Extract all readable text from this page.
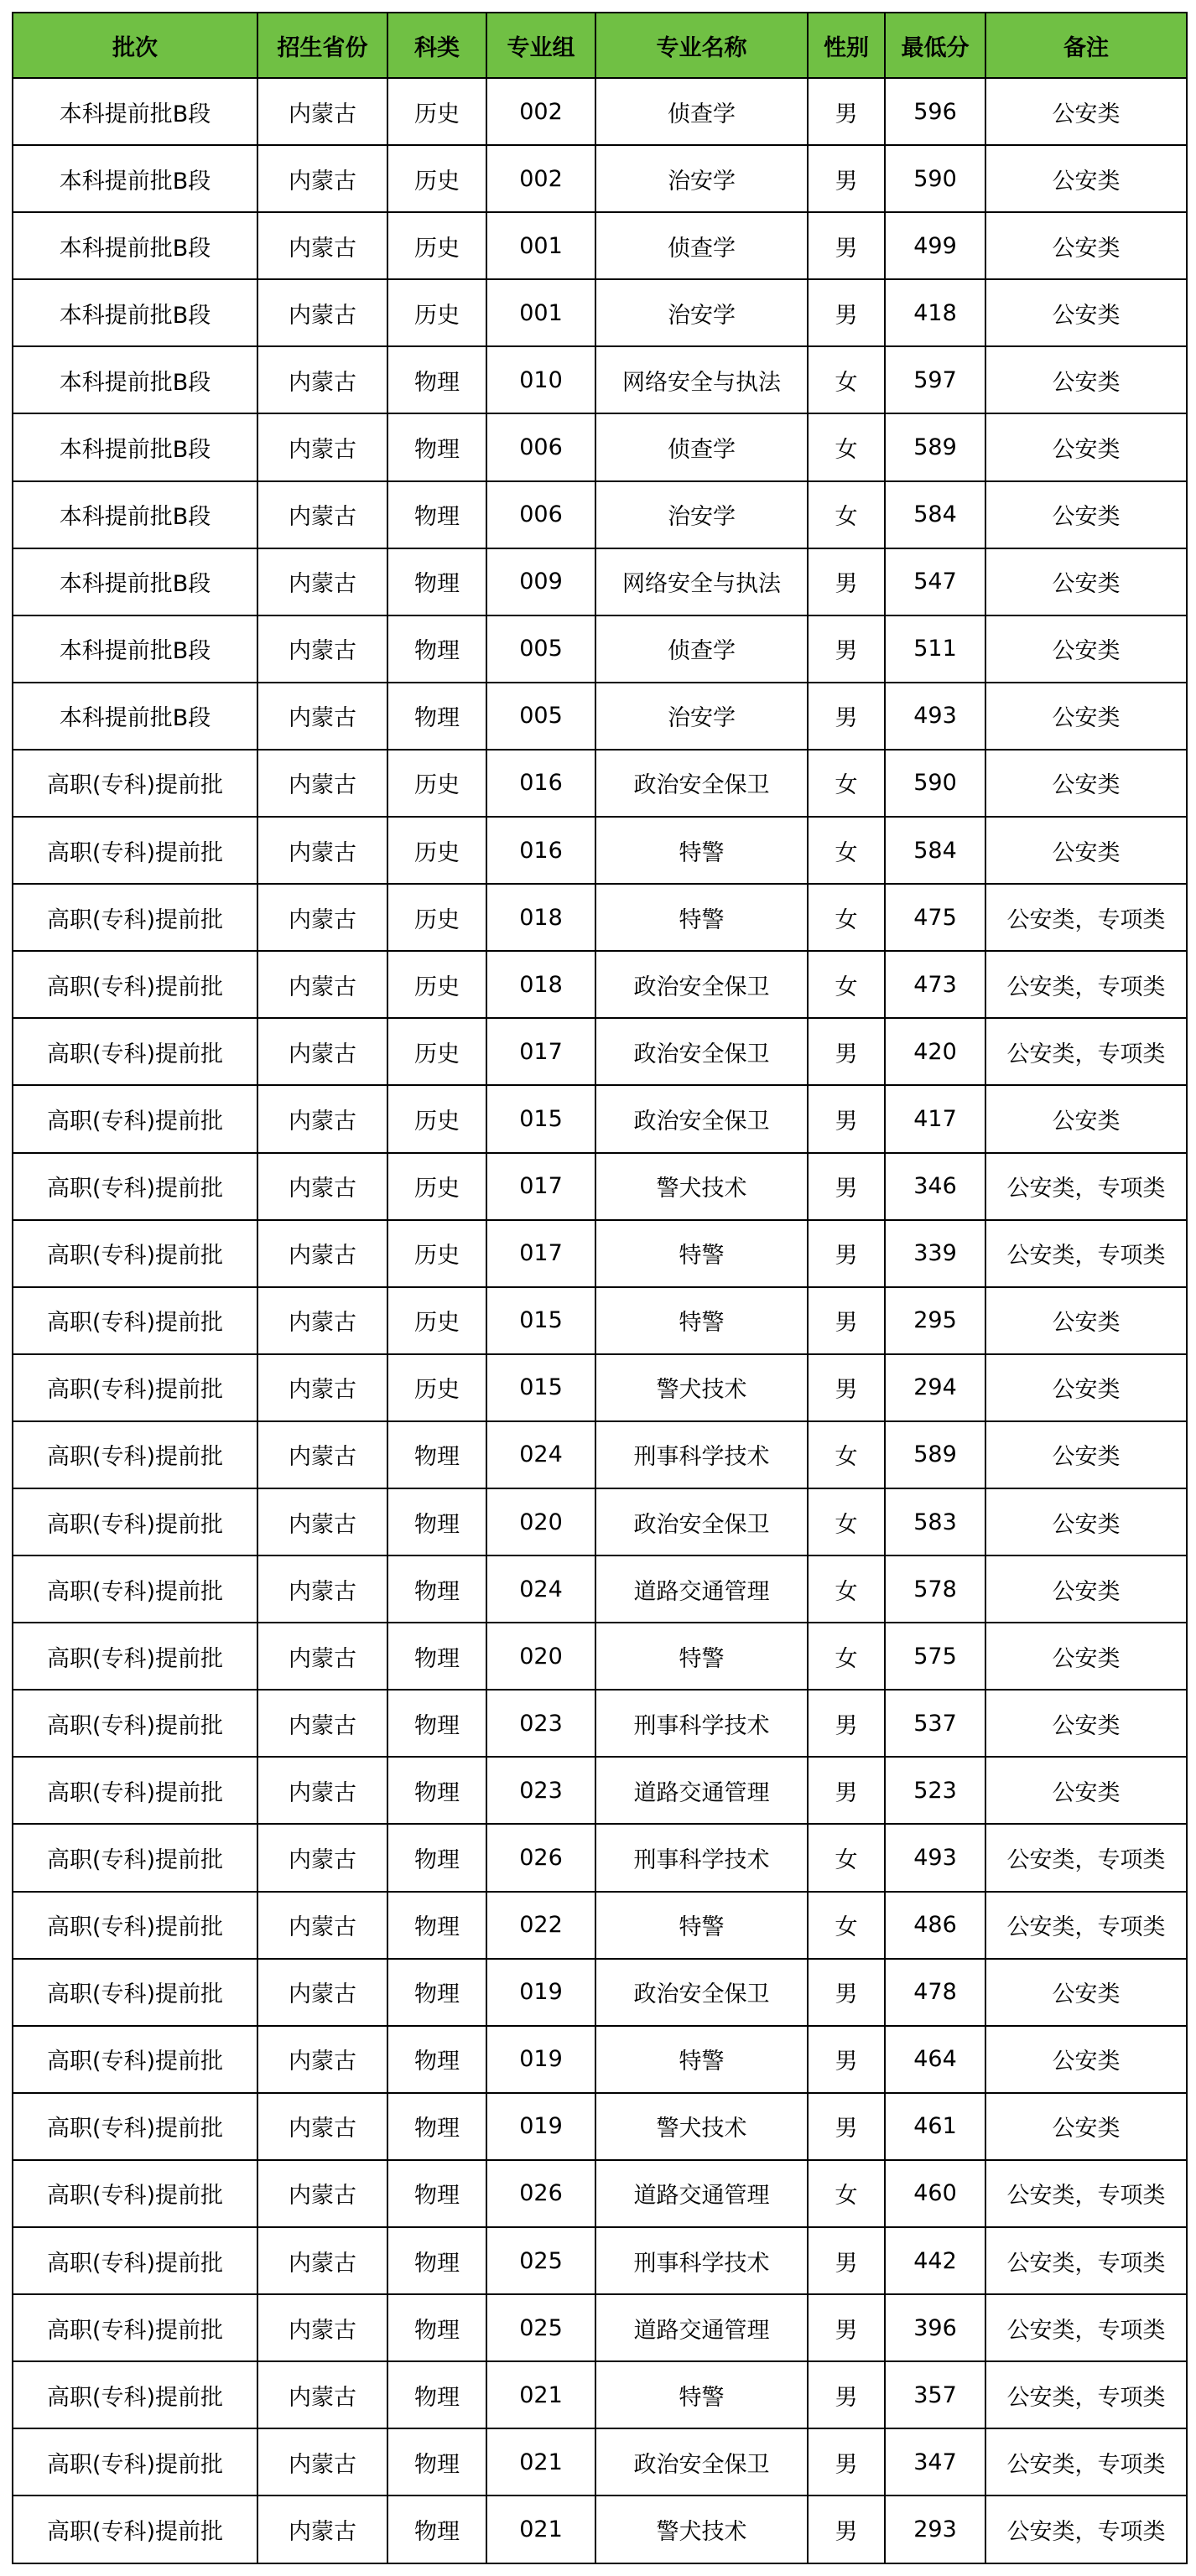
批次	招生省份	科类	专业组	专业名称	性别	最低分	备注
本科提前批B段	内蒙古	历史	002	侦查学	男	596	公安类
本科提前批B段	内蒙古	历史	002	治安学	男	590	公安类
本科提前批B段	内蒙古	历史	001	侦查学	男	499	公安类
本科提前批B段	内蒙古	历史	001	治安学	男	418	公安类
本科提前批B段	内蒙古	物理	010	网络安全与执法	女	597	公安类
本科提前批B段	内蒙古	物理	006	侦查学	女	589	公安类
本科提前批B段	内蒙古	物理	006	治安学	女	584	公安类
本科提前批B段	内蒙古	物理	009	网络安全与执法	男	547	公安类
本科提前批B段	内蒙古	物理	005	侦查学	男	511	公安类
本科提前批B段	内蒙古	物理	005	治安学	男	493	公安类
高职(专科)提前批	内蒙古	历史	016	政治安全保卫	女	590	公安类
高职(专科)提前批	内蒙古	历史	016	特警	女	584	公安类
高职(专科)提前批	内蒙古	历史	018	特警	女	475	公安类，专项类
高职(专科)提前批	内蒙古	历史	018	政治安全保卫	女	473	公安类，专项类
高职(专科)提前批	内蒙古	历史	017	政治安全保卫	男	420	公安类，专项类
高职(专科)提前批	内蒙古	历史	015	政治安全保卫	男	417	公安类
高职(专科)提前批	内蒙古	历史	017	警犬技术	男	346	公安类，专项类
高职(专科)提前批	内蒙古	历史	017	特警	男	339	公安类，专项类
高职(专科)提前批	内蒙古	历史	015	特警	男	295	公安类
高职(专科)提前批	内蒙古	历史	015	警犬技术	男	294	公安类
高职(专科)提前批	内蒙古	物理	024	刑事科学技术	女	589	公安类
高职(专科)提前批	内蒙古	物理	020	政治安全保卫	女	583	公安类
高职(专科)提前批	内蒙古	物理	024	道路交通管理	女	578	公安类
高职(专科)提前批	内蒙古	物理	020	特警	女	575	公安类
高职(专科)提前批	内蒙古	物理	023	刑事科学技术	男	537	公安类
高职(专科)提前批	内蒙古	物理	023	道路交通管理	男	523	公安类
高职(专科)提前批	内蒙古	物理	026	刑事科学技术	女	493	公安类，专项类
高职(专科)提前批	内蒙古	物理	022	特警	女	486	公安类，专项类
高职(专科)提前批	内蒙古	物理	019	政治安全保卫	男	478	公安类
高职(专科)提前批	内蒙古	物理	019	特警	男	464	公安类
高职(专科)提前批	内蒙古	物理	019	警犬技术	男	461	公安类
高职(专科)提前批	内蒙古	物理	026	道路交通管理	女	460	公安类，专项类
高职(专科)提前批	内蒙古	物理	025	刑事科学技术	男	442	公安类，专项类
高职(专科)提前批	内蒙古	物理	025	道路交通管理	男	396	公安类，专项类
高职(专科)提前批	内蒙古	物理	021	特警	男	357	公安类，专项类
高职(专科)提前批	内蒙古	物理	021	政治安全保卫	男	347	公安类，专项类
高职(专科)提前批	内蒙古	物理	021	警犬技术	男	293	公安类，专项类
